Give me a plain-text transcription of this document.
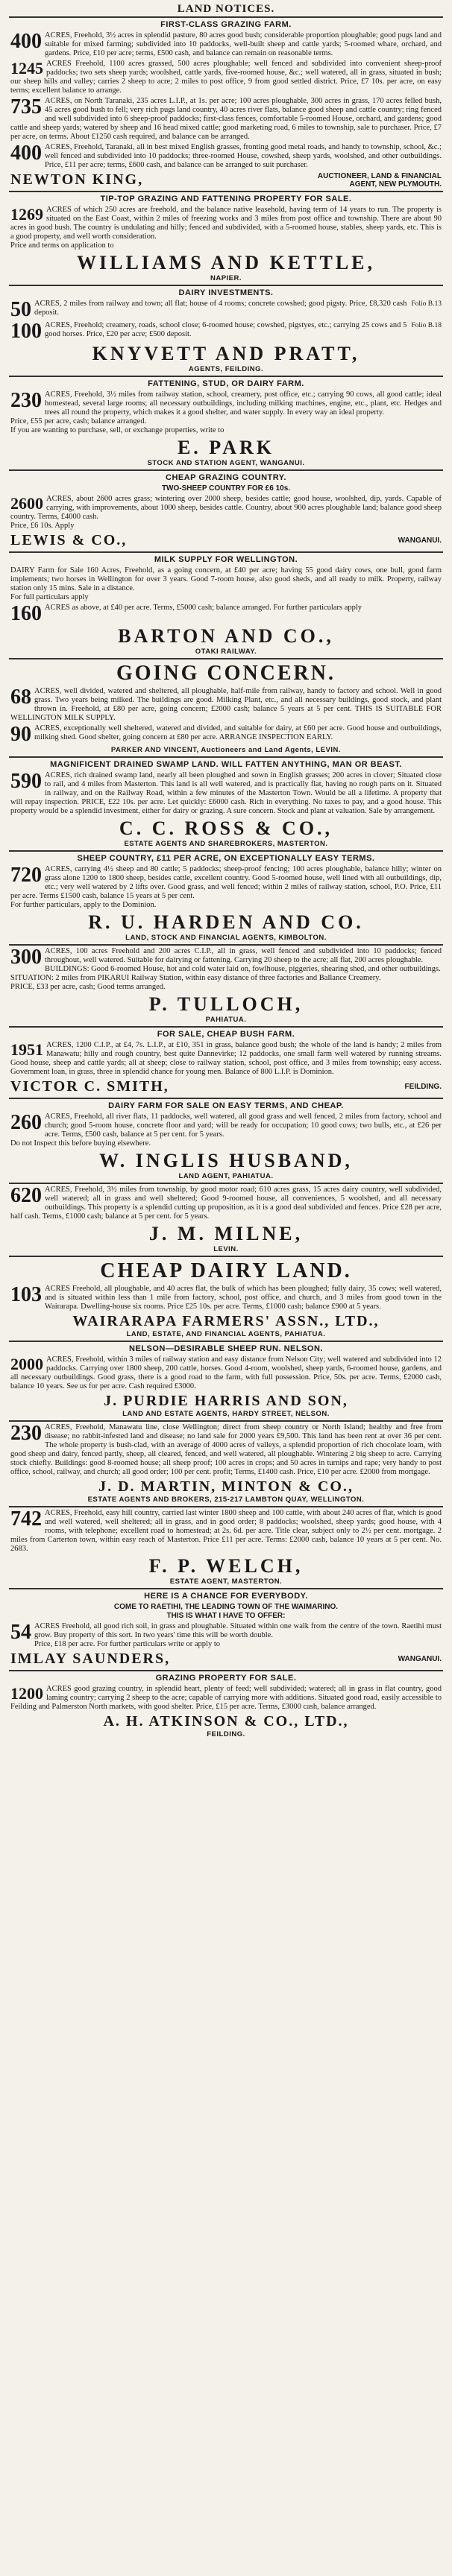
LAND NOTICES.
FIRST-CLASS GRAZING FARM.
400 ACRES, Freehold, 3½ acres in splendid pasture, 80 acres good bush; considerable proportion ploughable; good pugs land and suitable for mixed farming; subdivided into 10 paddocks, well-built sheep and cattle yards; 5-roomed whare, orchard, and gardens. Price, £10 per acre; terms, £500 cash, and balance can remain on reasonable terms.
1245 ACRES Freehold, 1100 acres grassed, 500 acres ploughable; well fenced and subdivided into convenient sheep-proof paddocks; two sets sheep yards; woolshed, cattle yards, five-roomed house, &c.; well watered, all in grass, situated in bush; our sheep hills and valley; carries 2 sheep to acre; 2 miles to post office, 9 from good settled district. Price, £7 10s. per acre, on easy terms; excellent balance to arrange.
735 ACRES, on North Taranaki, 235 acres L.I.P., at 1s. per acre; 100 acres ploughable, 300 acres in grass, 170 acres felled bush, 45 acres good bush to fell; very rich pugs land country, 40 acres river flats, balance good sheep and cattle country; ring fenced and well subdivided into 6 sheep-proof paddocks; first-class fences, comfortable 5-roomed House, orchard, and gardens; good cattle and sheep yards; watered by sheep and 16 head mixed cattle; good marketing road, 6 miles to township, sale to purchaser. Price, £7 per acre, on terms. About £1250 cash required, and balance can be arranged.
400 ACRES, Freehold, Taranaki, all in best mixed English grasses, fronting good metal roads, and handy to township, school, &c.; well fenced and subdivided into 10 paddocks; three-roomed House, cowshed, sheep yards, woolshed, and other outbuildings. Price, £11 per acre; terms, £600 cash, and balance can be arranged to suit purchaser.
NEWTON KING,	AUCTIONEER, LAND & FINANCIAL
AGENT, NEW PLYMOUTH.
TIP-TOP GRAZING AND FATTENING PROPERTY FOR SALE.
1269 ACRES of which 250 acres are freehold, and the balance native leasehold, having term of 14 years to run. The property is situated on the East Coast, within 2 miles of freezing works and 3 miles from post office and township. There are about 90 acres in good bush. The country is undulating and hilly; fenced and subdivided, with a 5-roomed house, stables, sheep yards, etc. This is a good property, and well worth consideration.
Price and terms on application to
WILLIAMS AND KETTLE,
NAPIER.
DAIRY INVESTMENTS.
Folio B.13
50 ACRES, 2 miles from railway and town; all flat; house of 4 rooms; concrete cowshed; good pigsty. Price, £8,320 cash deposit.
Folio B.18
100 ACRES, Freehold; creamery, roads, school close; 6-roomed house; cowshed, pigstyes, etc.; carrying 25 cows and 5 good horses. Price, £20 per acre; £500 deposit.
KNYVETT AND PRATT,
AGENTS, FEILDING.
FATTENING, STUD, OR DAIRY FARM.
230 ACRES, Freehold, 3½ miles from railway station, school, creamery, post office, etc.; carrying 90 cows, all good cattle; ideal homestead, several large rooms; all necessary outbuildings, including milking machines, engine, etc., plant, etc. Hedges and trees all round the property, which makes it a good shelter, and water supply. In every way an ideal property.
Price, £55 per acre, cash; balance arranged.
If you are wanting to purchase, sell, or exchange properties, write to
E. PARK
STOCK AND STATION AGENT, WANGANUI.
CHEAP GRAZING COUNTRY.
TWO-SHEEP COUNTRY FOR £6 10s.
2600 ACRES, about 2600 acres grass; wintering over 2000 sheep, besides cattle; good house, woolshed, dip, yards. Capable of carrying, with improvements, about 1000 sheep, besides cattle. Country, about 900 acres ploughable land; balance good sheep country. Terms, £4000 cash.
Price, £6 10s. Apply
LEWIS & CO.,	WANGANUI.
MILK SUPPLY FOR WELLINGTON.
DAIRY Farm for Sale 160 Acres, Freehold, as a going concern, at £40 per acre; having 55 good dairy cows, one bull, good farm implements; two horses in Wellington for over 3 years. Good 7-room house, also good sheds, and all ready to milk. Property, railway station only 15 mins. Sale in a distance.
For full particulars apply
160 ACRES as above, at £40 per acre. Terms, £5000 cash; balance arranged. For further particulars apply
BARTON AND CO.,
OTAKI RAILWAY.
GOING CONCERN.
68 ACRES, well divided, watered and sheltered, all ploughable, half-mile from railway, handy to factory and school. Well in good grass. Two years being milked. The buildings are good. Milking Plant, etc., and all necessary buildings, good stock, and plant thrown in. Freehold, at £80 per acre, going concern; £2000 cash; balance 5 years at 5 per cent. THIS IS SUITABLE FOR WELLINGTON MILK SUPPLY.
90 ACRES, exceptionally well sheltered, watered and divided, and suitable for dairy, at £60 per acre. Good house and outbuildings, milking shed. Good shelter, going concern at £80 per acre. ARRANGE INSPECTION EARLY.
PARKER AND VINCENT, Auctioneers and Land Agents, LEVIN.
MAGNIFICENT DRAINED SWAMP LAND. WILL FATTEN ANYTHING, MAN OR BEAST.
590 ACRES, rich drained swamp land, nearly all been ploughed and sown in English grasses; 200 acres in clover; Situated close to rail, and 4 miles from Masterton. This land is all well watered, and is practically flat, having no rough parts on it. Situated in railway, and on the Railway Road, within a few minutes of the Masterton Town. Would be all a lifetime. A property that will repay inspection. PRICE, £22 10s. per acre. Let quickly: £6000 cash. Rich in everything. No taxes to pay, and a good house. This property would be a splendid investment, either for dairy or grazing. A sure concern. Stock and plant at valuation. Sale by arrangement.
C. C. ROSS & CO.,
ESTATE AGENTS AND SHAREBROKERS, MASTERTON.
SHEEP COUNTRY, £11 PER ACRE, ON EXCEPTIONALLY EASY TERMS.
720 ACRES, carrying 4½ sheep and 80 cattle; 5 paddocks; sheep-proof fencing; 100 acres ploughable, balance hilly; winter on grass alone 1200 to 1800 sheep, besides cattle, excellent country. Good 5-roomed house, well lined with all outbuildings, dip, etc.; very well watered by 2 lifts over. Good grass, and well fenced; within 2 miles of railway station, school, P.O. Price, £11 per acre. Terms £1500 cash, balance 15 years at 5 per cent.
For further particulars, apply to the Dominion.
R. U. HARDEN AND CO.
LAND, STOCK AND FINANCIAL AGENTS, KIMBOLTON.
300 ACRES, 100 acres Freehold and 200 acres C.I.P., all in grass, well fenced and subdivided into 10 paddocks; fenced throughout, well watered. Suitable for dairying or fattening. Carrying 20 sheep to the acre; all flat, 200 acres ploughable.
BUILDINGS: Good 6-roomed House, hot and cold water laid on, fowlhouse, piggeries, shearing shed, and other outbuildings.
SITUATION: 2 miles from PIKARUI Railway Station, within easy distance of three factories and Ballance Creamery.
PRICE, £33 per acre, cash; Good terms arranged.
P. TULLOCH,
PAHIATUA.
FOR SALE, CHEAP BUSH FARM.
1951 ACRES, 1200 C.I.P., at £4, 7s. L.I.P., at £10, 351 in grass, balance good bush; the whole of the land is handy; 2 miles from Manawatu; hilly and rough country, best quite Dannevirke; 12 paddocks, one small farm well watered by running streams. Good house, sheep and cattle yards; all at sheep; close to railway station, school, post office, and 3 miles from township; easy access. Government loan, in grass, three in splendid chance for young men. Balance of 800 L.I.P. is Dominion.
VICTOR C. SMITH,	FEILDING.
DAIRY FARM FOR SALE ON EASY TERMS, AND CHEAP.
260 ACRES, Freehold, all river flats, 11 paddocks, well watered, all good grass and well fenced, 2 miles from factory, school and church; good 5-room house, concrete floor and yard; will be ready for occupation; 10 good cows; two bulls, etc., at £26 per acre. Terms, £500 cash, balance at 5 per cent. for 5 years.
Do not Inspect this before buying elsewhere.
W. INGLIS HUSBAND,
LAND AGENT, PAHIATUA.
620 ACRES, Freehold, 3½ miles from township, by good motor road; 610 acres grass, 15 acres dairy country, well subdivided, well watered; all in grass and well sheltered; Good 9-roomed house, all conveniences, 5 woolshed, and all necessary outbuildings. This property is a splendid cutting up proposition, as it is a good deal subdivided and fences. Price £28 per acre, half cash. Terms, £1000 cash; balance at 5 per cent. for 5 years.
J. M. MILNE,
LEVIN.
CHEAP DAIRY LAND.
103 ACRES Freehold, all ploughable, and 40 acres flat, the bulk of which has been ploughed; fully dairy, 35 cows; well watered, and is situated within less than 1 mile from factory, school, post office, and church, and 3 miles from good town in the Wairarapa. Dwelling-house six rooms. Price £25 10s. per acre. Terms, £1000 cash; balance £900 at 5 years.
WAIRARAPA FARMERS' ASSN., LTD.,
LAND, ESTATE, AND FINANCIAL AGENTS, PAHIATUA.
NELSON—DESIRABLE SHEEP RUN. NELSON.
2000 ACRES, Freehold, within 3 miles of railway station and easy distance from Nelson City; well watered and subdivided into 12 paddocks. Carrying over 1800 sheep, 200 cattle, horses. Good 4-room, woolshed, sheep yards, 6-roomed house, gardens, and all necessary outbuildings. Good grass, there is a good road to the farm, with full possession. Price, 50s. per acre. Terms, £2000 cash, balance 10 years. See us for per acre. Cash required £3000.
J. PURDIE HARRIS AND SON,
LAND AND ESTATE AGENTS, HARDY STREET, NELSON.
230 ACRES, Freehold, Manawatu line, close Wellington; direct from sheep country or North Island; healthy and free from disease; no rabbit-infested land and disease; no land sale for 2000 years £9,500. This land has been rent at over 36 per cent. The whole property is bush-clad, with an average of 4000 acres of valleys, a splendid proportion of rich chocolate loam, with good sheep and dairy, fenced partly, sheep, all cleared, fenced, and well watered, all ploughable. Wintering 2 big sheep to acre. Carrying stock chiefly. Buildings: good 8-roomed house; all sheep proof; 100 acres in crops; and 50 acres in turnips and rape; very handy to post office, school, railway, and church; all good order; 100 per cent. profit; Terms, £1400 cash. Price, £10 per acre. £2000 from mortgage.
J. D. MARTIN, MINTON & CO.,
ESTATE AGENTS AND BROKERS, 215-217 LAMBTON QUAY, WELLINGTON.
742 ACRES, Freehold, easy hill country, carried last winter 1800 sheep and 100 cattle, with about 240 acres of flat, which is good and well watered, well sheltered; all in grass, and in good order; 8 paddocks; woolshed, sheep yards; good house, with 4 rooms, with telephone; excellent road to homestead; at 2s. 6d. per acre. Title clear, subject only to 2½ per cent. mortgage. 2 miles from Carterton town, within easy reach of Masterton. Price £11 per acre. Terms: £2000 cash, balance 10 years at 5 per cent. No. 2683.
F. P. WELCH,
ESTATE AGENT, MASTERTON.
HERE IS A CHANCE FOR EVERYBODY.
COME TO RAETIHI, THE LEADING TOWN OF THE WAIMARINO.
THIS IS WHAT I HAVE TO OFFER:
54 ACRES Freehold, all good rich soil, in grass and ploughable. Situated within one walk from the centre of the town. Raetihi must grow. Buy property of this sort. In two years' time this will be worth double.
Price, £18 per acre. For further particulars write or apply to
IMLAY SAUNDERS,	WANGANUI.
GRAZING PROPERTY FOR SALE.
1200 ACRES good grazing country, in splendid heart, plenty of feed; well subdivided; watered; all in grass in flat country, good laming country; carrying 2 sheep to the acre; capable of carrying more with additions. Situated good road, easily accessible to Feilding and Palmerston North markets, with good shelter. Price, £15 per acre. Terms, £3000 cash, balance arranged.
A. H. ATKINSON & CO., LTD.,
FEILDING.
